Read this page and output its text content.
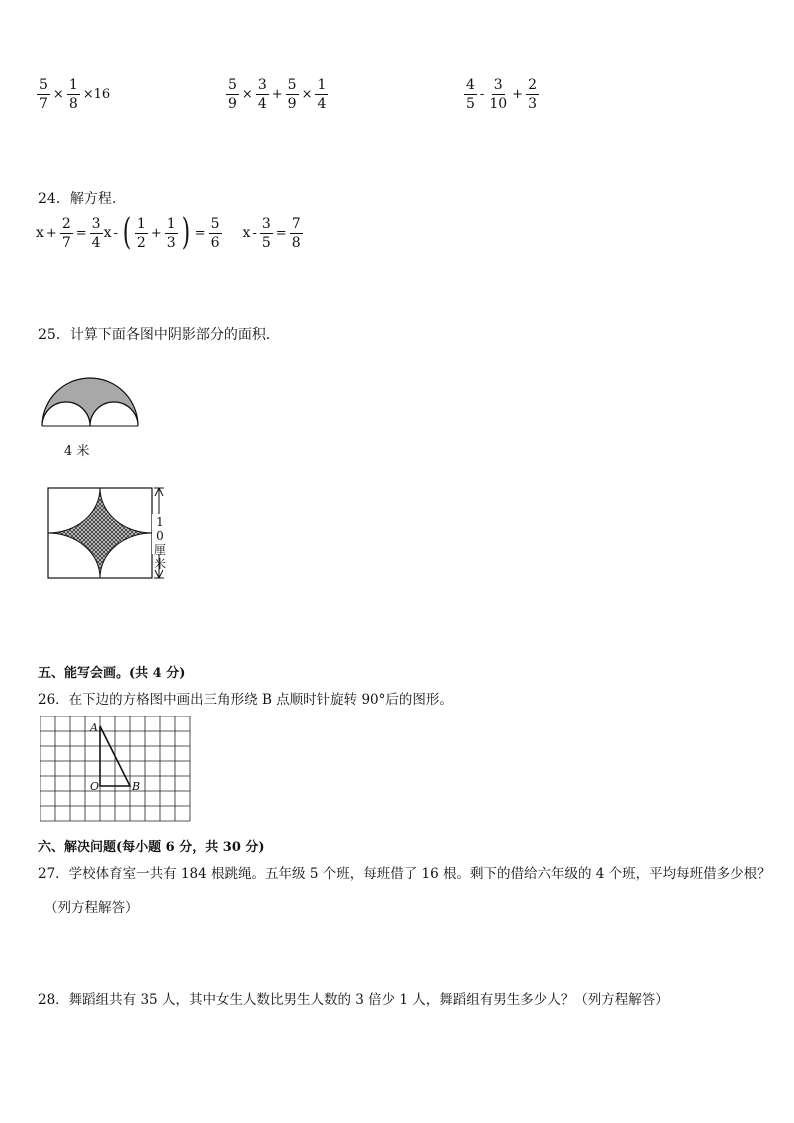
$\frac{5}{7} \times \frac{1}{8} \times 16$	$\frac{5}{9} \times \frac{3}{4} + \frac{5}{9} \times \frac{1}{4}$	$\frac{4}{5} - \frac{3}{10} + \frac{2}{3}$
24．解方程.
$x + \frac{2}{7} = \frac{3}{4}$ x - ( $\frac{1}{2} + \frac{1}{3}$ ) = $\frac{5}{6}$ $x - \frac{3}{5} = \frac{7}{8}$
25．计算下面各图中阴影部分的面积．
4 米
10厘米
五、能写会画。(共 4 分)
26．在下边的方格图中画出三角形绕 B 点顺时针旋转 90°后的图形。
A
O	B
六、解决问题(每小题 6 分，共 30 分)
27．学校体育室一共有 184 根跳绳。五年级 5 个班，每班借了 16 根。剩下的借给六年级的 4 个班，平均每班借多少根？
（列方程解答）
28．舞蹈组共有 35 人，其中女生人数比男生人数的 3 倍少 1 人，舞蹈组有男生多少人？（列方程解答）
